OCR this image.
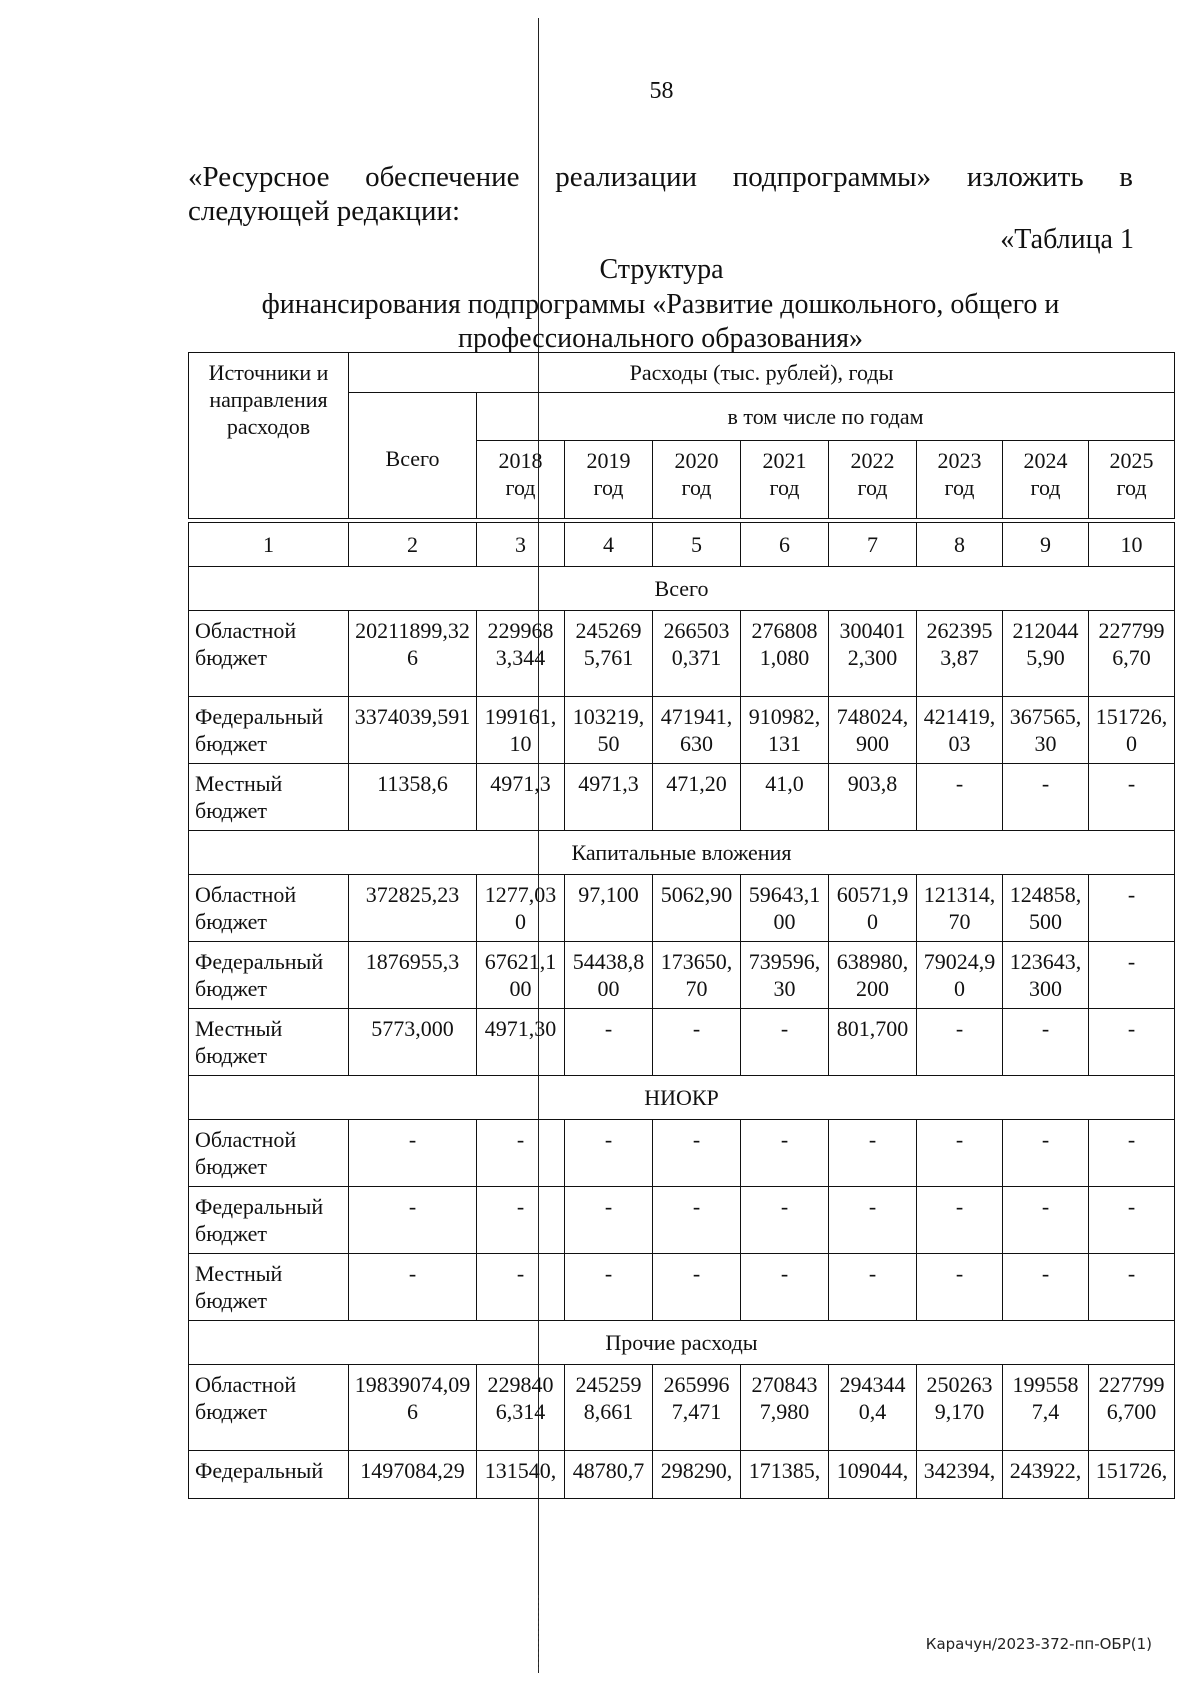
58
«Ресурсное обеспечение реализации подпрограммы» изложить в следующей редакции:
«Таблица 1
Структура
финансирования подпрограммы «Развитие дошкольного, общего и профессионального образования»
Источники и направления расходов	Расходы (тыс. рублей), годы								
	Всего	в том числе по годам							
		2018 год	2019 год	2020 год	2021 год	2022 год	2023 год	2024 год	2025 год

1	2	3	4	5	6	7	8	9	10
Всего									
Областной бюджет	20211899,326	2299683,344	2452695,761	2665030,371	2768081,080	3004012,300	2623953,87	2120445,90	2277996,70
Федеральный бюджет	3374039,591	199161,10	103219,50	471941,630	910982,131	748024,900	421419,03	367565,30	151726,0
Местный бюджет	11358,6	4971,3	4971,3	471,20	41,0	903,8	-	-	-
Капитальные вложения									
Областной бюджет	372825,23	1277,030	97,100	5062,90	59643,100	60571,90	121314,70	124858,500	-
Федеральный бюджет	1876955,3	67621,100	54438,800	173650,70	739596,30	638980,200	79024,90	123643,300	-
Местный бюджет	5773,000	4971,30	-	-	-	801,700	-	-	-
НИОКР									
Областной бюджет	-	-	-	-	-	-	-	-	-
Федеральный бюджет	-	-	-	-	-	-	-	-	-
Местный бюджет	-	-	-	-	-	-	-	-	-
Прочие расходы									
Областной бюджет	19839074,096	2298406,314	2452598,661	2659967,471	2708437,980	2943440,4	2502639,170	1995587,4	2277996,700
Федеральный	1497084,29	131540,	48780,7	298290,	171385,	109044,	342394,	243922,	151726,
Карачун/2023-372-пп-ОБР(1)
